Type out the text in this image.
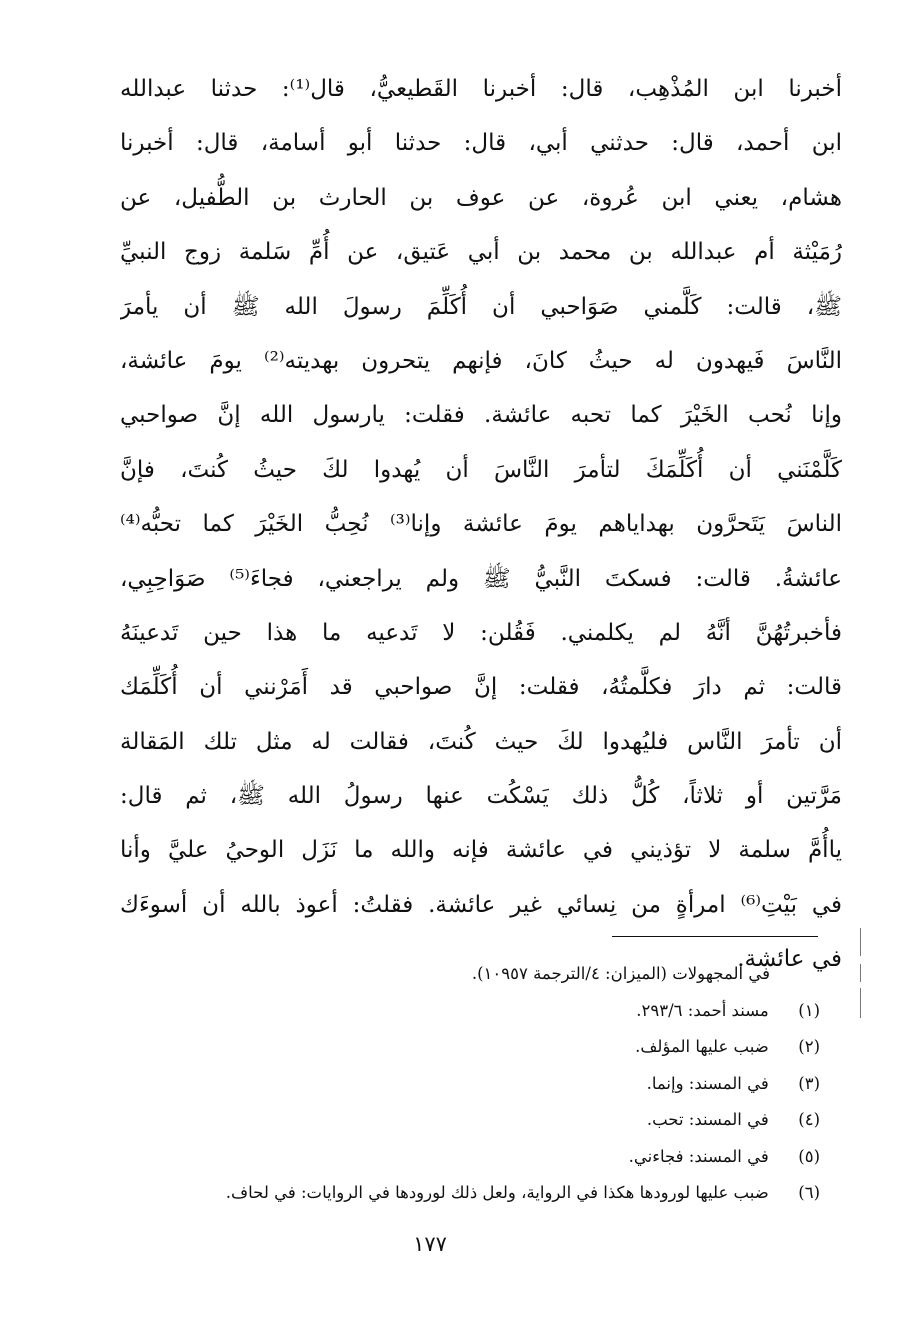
أخبرنا ابن المُذْهِب، قال: أخبرنا القَطيعيُّ، قال⁽¹⁾: حدثنا عبدالله
ابن أحمد، قال: حدثني أبي، قال: حدثنا أبو أسامة، قال: أخبرنا
هشام، يعني ابن عُروة، عن عوف بن الحارث بن الطُّفيل، عن
رُمَيْثة أم عبدالله بن محمد بن أبي عَتيق، عن أُمِّ سَلمة زوج النبيِّ
ﷺ، قالت: كَلَّمني صَوَاحبي أن أُكَلِّمَ رسولَ الله ﷺ أن يأمرَ
النَّاسَ فَيهدون له حيثُ كانَ، فإنهم يتحرون بهديته⁽²⁾ يومَ عائشة،
وإنا نُحب الخَيْرَ كما تحبه عائشة. فقلت: يارسول الله إنَّ صواحبي
كَلَّمْنَني أن أُكَلِّمَكَ لتأمرَ النَّاسَ أن يُهدوا لكَ حيثُ كُنتَ، فإنَّ
الناسَ يَتَحرَّون بهداياهم يومَ عائشة وإنا⁽³⁾ نُحِبُّ الخَيْرَ كما تحبُّه⁽⁴⁾
عائشةُ. قالت: فسكتَ النَّبيُّ ﷺ ولم يراجعني، فجاءَ⁽⁵⁾ صَوَاحِبِي،
فأخبرتُهُنَّ أنَّهُ لم يكلمني. فَقُلن: لا تَدعيه ما هذا حين تَدعينَهُ
قالت: ثم دارَ فكلَّمتُهُ، فقلت: إنَّ صواحبي قد أَمَرْنني أن أُكَلِّمَك
أن تأمرَ النَّاس فليُهدوا لكَ حيث كُنتَ، فقالت له مثل تلك المَقالة
مَرَّتين أو ثلاثاً، كُلُّ ذلك يَسْكُت عنها رسولُ الله ﷺ، ثم قال:
ياأُمَّ سلمة لا تؤذيني في عائشة فإنه والله ما نَزَل الوحيُ عليَّ وأنا
في بَيْتِ⁽⁶⁾ امرأةٍ من نِسائي غير عائشة. فقلتُ: أعوذ بالله أن أسوءَك
في عائشة.
في المجهولات (الميزان: ٤/الترجمة ١٠٩٥٧).
(١) مسند أحمد: ٢٩٣/٦.
(٢) ضبب عليها المؤلف.
(٣) في المسند: وإنما.
(٤) في المسند: تحب.
(٥) في المسند: فجاءني.
(٦) ضبب عليها لورودها هكذا في الرواية، ولعل ذلك لورودها في الروايات: في لحاف.
١٧٧
